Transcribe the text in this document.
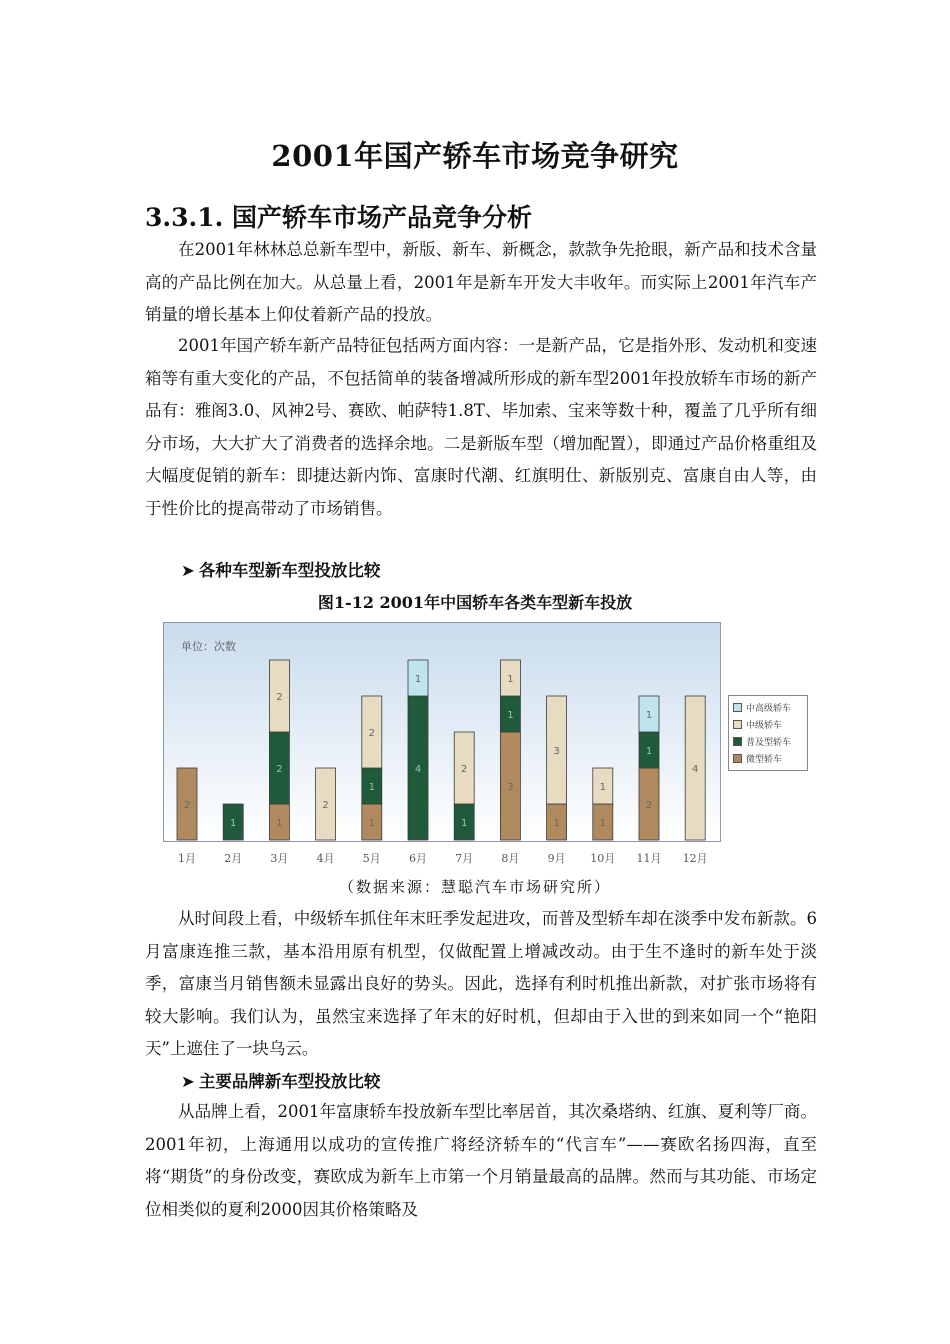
2001年国产轿车市场竞争研究
3.3.1. 国产轿车市场产品竞争分析

在2001年林林总总新车型中，新版、新车、新概念，款款争先抢眼，新产品和技术含量高的产品比例在加大。从总量上看，2001年是新车开发大丰收年。而实际上2001年汽车产销量的增长基本上仰仗着新产品的投放。

2001年国产轿车新产品特征包括两方面内容：一是新产品，它是指外形、发动机和变速箱等有重大变化的产品，不包括简单的装备增减所形成的新车型2001年投放轿车市场的新产品有：雅阁3.0、风神2号、赛欧、帕萨特1.8T、毕加索、宝来等数十种，覆盖了几乎所有细分市场，大大扩大了消费者的选择余地。二是新版车型（增加配置），即通过产品价格重组及大幅度促销的新车：即捷达新内饰、富康时代潮、红旗明仕、新版别克、富康自由人等，由于性价比的提高带动了市场销售。

➤ 各种车型新车型投放比较
图1-12 2001年中国轿车各类车型新车投放
单位：次数
2
1	1
2
2
2
1
1
2
4
1
1
2
3
1
1
1
3
1
1
2
1
1
4
1月	2月	3月	4月	5月	6月	7月	8月	9月 10月 11月 12月
中高级轿车
中级轿车
普及型轿车
微型轿车
（数据来源：慧聪汽车市场研究所）

从时间段上看，中级轿车抓住年末旺季发起进攻，而普及型轿车却在淡季中发布新款。6月富康连推三款，基本沿用原有机型，仅做配置上增减改动。由于生不逢时的新车处于淡季，富康当月销售额未显露出良好的势头。因此，选择有利时机推出新款，对扩张市场将有较大影响。我们认为，虽然宝来选择了年末的好时机，但却由于入世的到来如同一个“艳阳天”上遮住了一块乌云。

➤ 主要品牌新车型投放比较

从品牌上看，2001年富康轿车投放新车型比率居首，其次桑塔纳、红旗、夏利等厂商。2001年初，上海通用以成功的宣传推广将经济轿车的“代言车”——赛欧名扬四海，直至将“期货”的身份改变，赛欧成为新车上市第一个月销量最高的品牌。然而与其功能、市场定位相类似的夏利2000因其价格策略及
